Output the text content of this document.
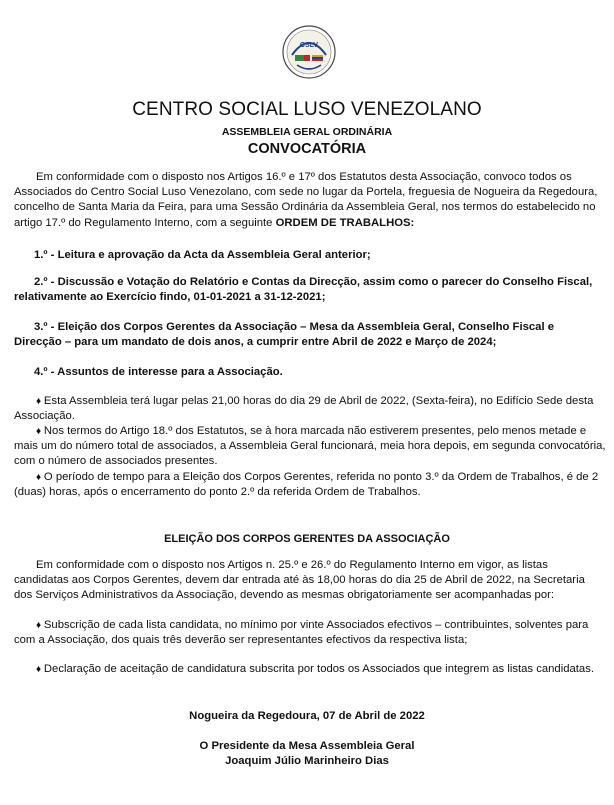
CSLV
CENTRO SOCIAL LUSO VENEZOLANO
ASSEMBLEIA GERAL ORDINÁRIA
CONVOCATÓRIA

Em conformidade com o disposto nos Artigos 16.º e 17º dos Estatutos desta Associação, convoco todos os Associados do Centro Social Luso Venezolano, com sede no lugar da Portela, freguesia de Nogueira da Regedoura, concelho de Santa Maria da Feira, para uma Sessão Ordinária da Assembleia Geral, nos termos do estabelecido no artigo 17.º do Regulamento Interno, com a seguinte ORDEM DE TRABALHOS:

1.º - Leitura e aprovação da Acta da Assembleia Geral anterior;

2.º - Discussão e Votação do Relatório e Contas da Direcção, assim como o parecer do Conselho Fiscal, relativamente ao Exercício findo, 01-01-2021 a 31-12-2021;

3.º - Eleição dos Corpos Gerentes da Associação – Mesa da Assembleia Geral, Conselho Fiscal e Direcção – para um mandato de dois anos, a cumprir entre Abril de 2022 e Março de 2024;

4.º - Assuntos de interesse para a Associação.

♦ Esta Assembleia terá lugar pelas 21,00 horas do dia 29 de Abril de 2022, (Sexta-feira), no Edifício Sede desta Associação.

♦ Nos termos do Artigo 18.º dos Estatutos, se à hora marcada não estiverem presentes, pelo menos metade e mais um do número total de associados, a Assembleia Geral funcionará, meia hora depois, em segunda convocatória, com o número de associados presentes.

♦ O período de tempo para a Eleição dos Corpos Gerentes, referida no ponto 3.º da Ordem de Trabalhos, é de 2 (duas) horas, após o encerramento do ponto 2.º da referida Ordem de Trabalhos.

ELEIÇÃO DOS CORPOS GERENTES DA ASSOCIAÇÃO

Em conformidade com o disposto nos Artigos n. 25.º e 26.º do Regulamento Interno em vigor, as listas candidatas aos Corpos Gerentes, devem dar entrada até às 18,00 horas do dia 25 de Abril de 2022, na Secretaria dos Serviços Administrativos da Associação, devendo as mesmas obrigatoriamente ser acompanhadas por:

♦ Subscrição de cada lista candidata, no mínimo por vinte Associados efectivos – contribuintes, solventes para com a Associação, dos quais três deverão ser representantes efectivos da respectiva lista;

♦ Declaração de aceitação de candidatura subscrita por todos os Associados que integrem as listas candidatas.

Nogueira da Regedoura, 07 de Abril de 2022
O Presidente da Mesa Assembleia Geral
Joaquim Júlio Marinheiro Dias
